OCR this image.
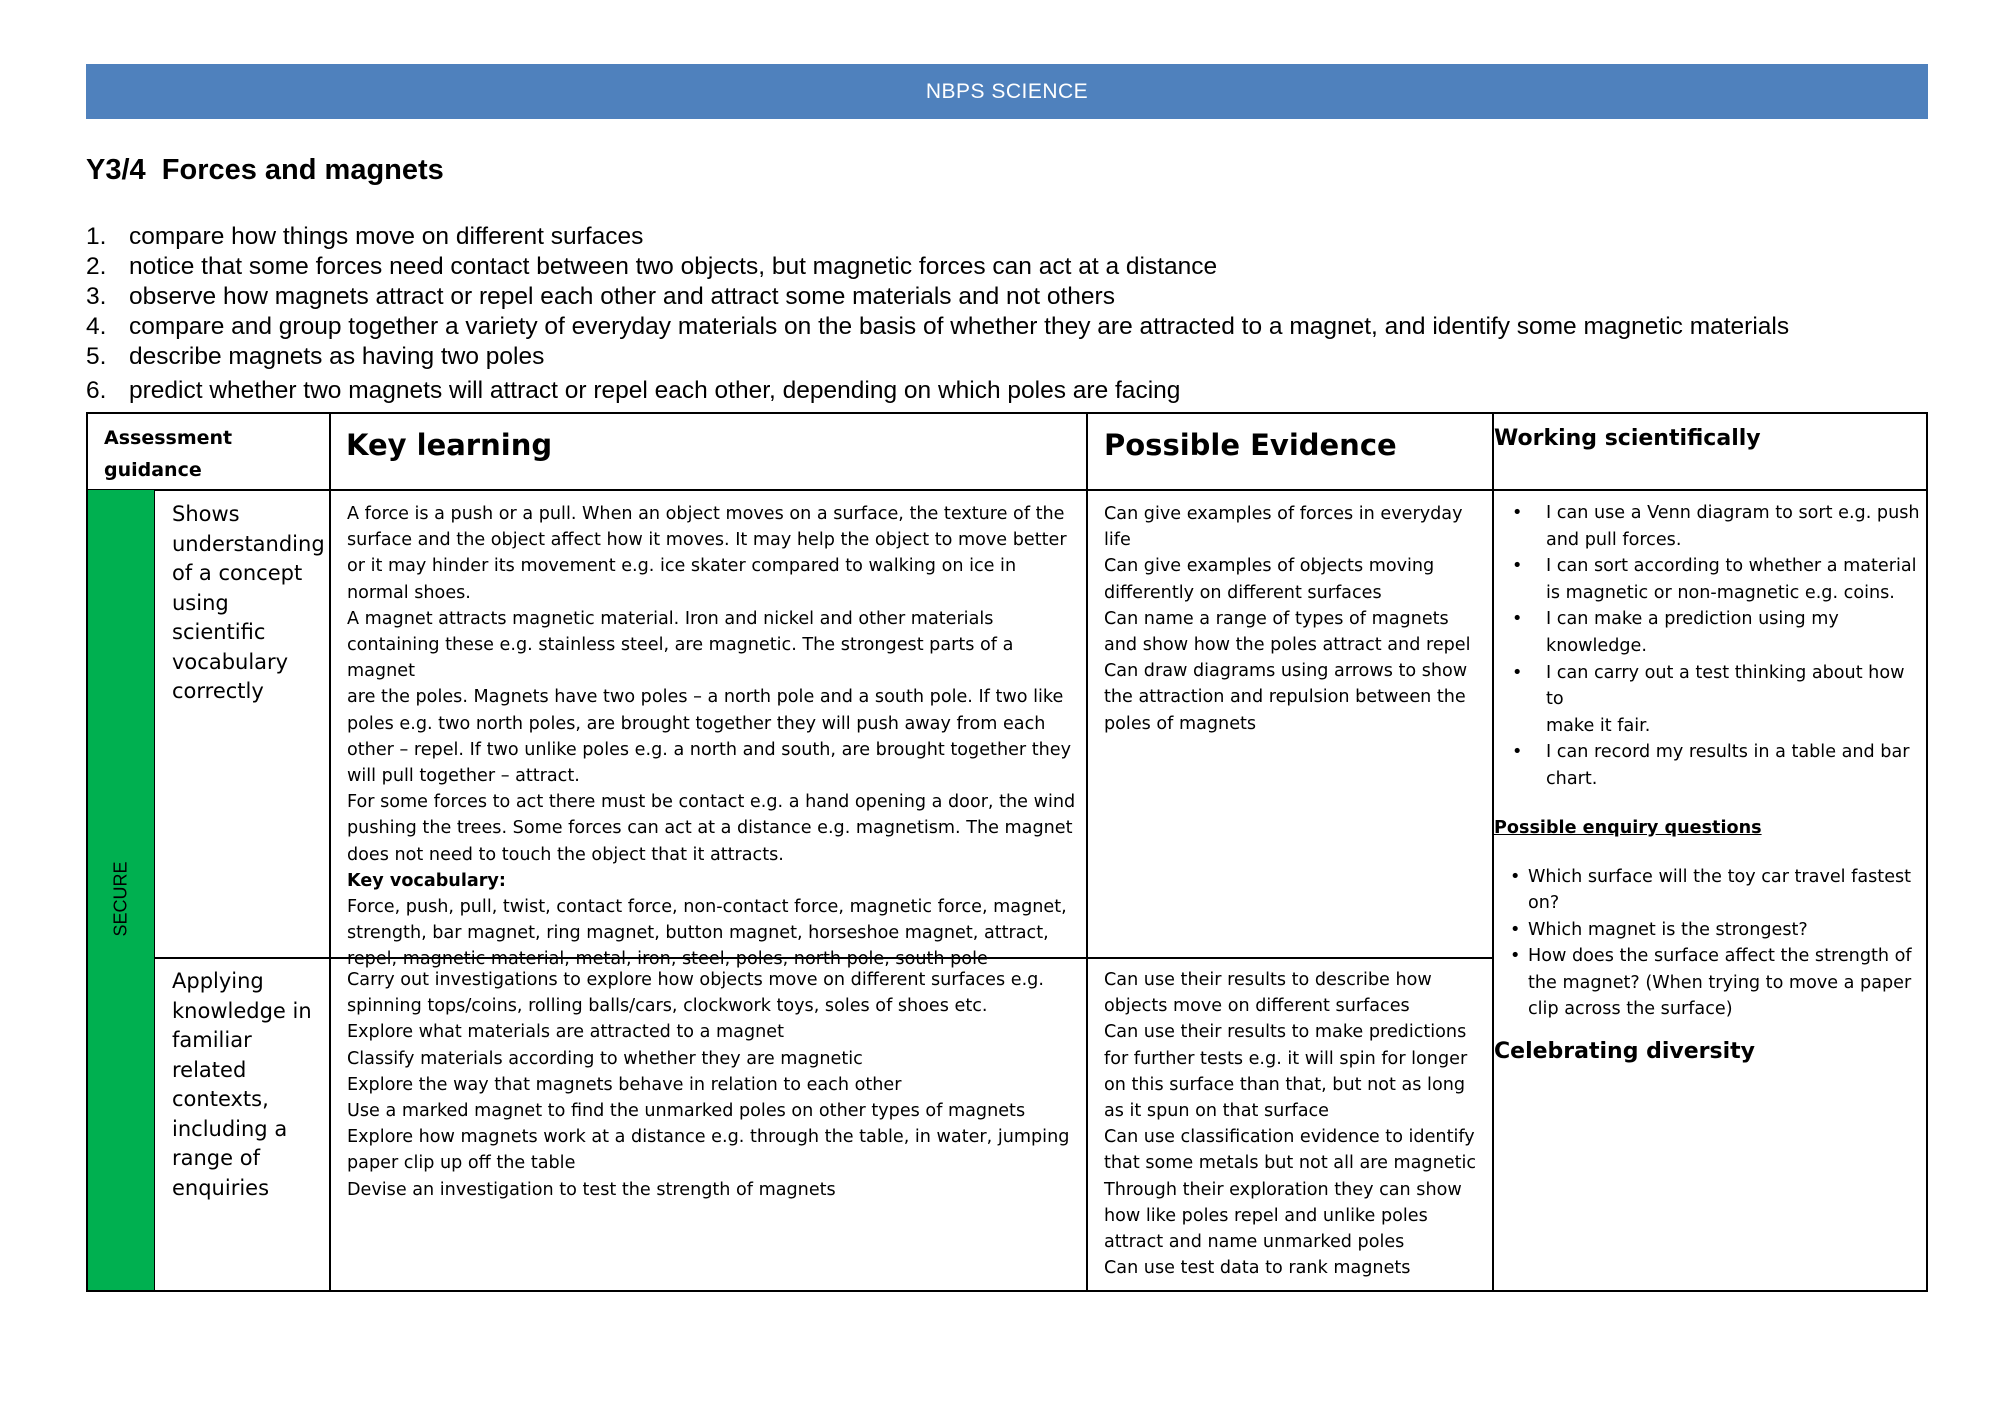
NBPS SCIENCE
Y3/4  Forces and magnets
1. compare how things move on different surfaces
2. notice that some forces need contact between two objects, but magnetic forces can act at a distance
3. observe how magnets attract or repel each other and attract some materials and not others
4. compare and group together a variety of everyday materials on the basis of whether they are attracted to a magnet, and identify some magnetic materials
5. describe magnets as having two poles
6. predict whether two magnets will attract or repel each other, depending on which poles are facing
Assessment
guidance
Key learning	Possible Evidence	Working scientifically
SECURE
Shows
understanding
of a concept
using
scientific
vocabulary
correctly

A force is a push or a pull. When an object moves on a surface, the texture of the

surface and the object affect how it moves. It may help the object to move better

or it may hinder its movement e.g. ice skater compared to walking on ice in

normal shoes.

A magnet attracts magnetic material. Iron and nickel and other materials

containing these e.g. stainless steel, are magnetic. The strongest parts of a magnet

are the poles. Magnets have two poles – a north pole and a south pole. If two like

poles e.g. two north poles, are brought together they will push away from each

other – repel. If two unlike poles e.g. a north and south, are brought together they

will pull together – attract.

For some forces to act there must be contact e.g. a hand opening a door, the wind

pushing the trees. Some forces can act at a distance e.g. magnetism. The magnet

does not need to touch the object that it attracts.

Key vocabulary:

Force, push, pull, twist, contact force, non-contact force, magnetic force, magnet,

strength, bar magnet, ring magnet, button magnet, horseshoe magnet, attract,

repel, magnetic material, metal, iron, steel, poles, north pole, south pole

Can give examples of forces in everyday

life

Can give examples of objects moving

differently on different surfaces

Can name a range of types of magnets

and show how the poles attract and repel

Can draw diagrams using arrows to show

the attraction and repulsion between the

poles of magnets

Applying
knowledge in
familiar
related
contexts,
including a
range of
enquiries

Carry out investigations to explore how objects move on different surfaces e.g.

spinning tops/coins, rolling balls/cars, clockwork toys, soles of shoes etc.

Explore what materials are attracted to a magnet

Classify materials according to whether they are magnetic

Explore the way that magnets behave in relation to each other

Use a marked magnet to find the unmarked poles on other types of magnets

Explore how magnets work at a distance e.g. through the table, in water, jumping

paper clip up off the table

Devise an investigation to test the strength of magnets

Can use their results to describe how

objects move on different surfaces

Can use their results to make predictions

for further tests e.g. it will spin for longer

on this surface than that, but not as long

as it spun on that surface

Can use classification evidence to identify

that some metals but not all are magnetic

Through their exploration they can show

how like poles repel and unlike poles

attract and name unmarked poles

Can use test data to rank magnets

• I can use a Venn diagram to sort e.g. push
and pull forces.
• I can sort according to whether a material
is magnetic or non-magnetic e.g. coins.
• I can make a prediction using my
knowledge.
• I can carry out a test thinking about how to
make it fair.
• I can record my results in a table and bar
chart.
Possible enquiry questions
• Which surface will the toy car travel fastest
on?
• Which magnet is the strongest?
• How does the surface affect the strength of
the magnet? (When trying to move a paper
clip across the surface)
Celebrating diversity
